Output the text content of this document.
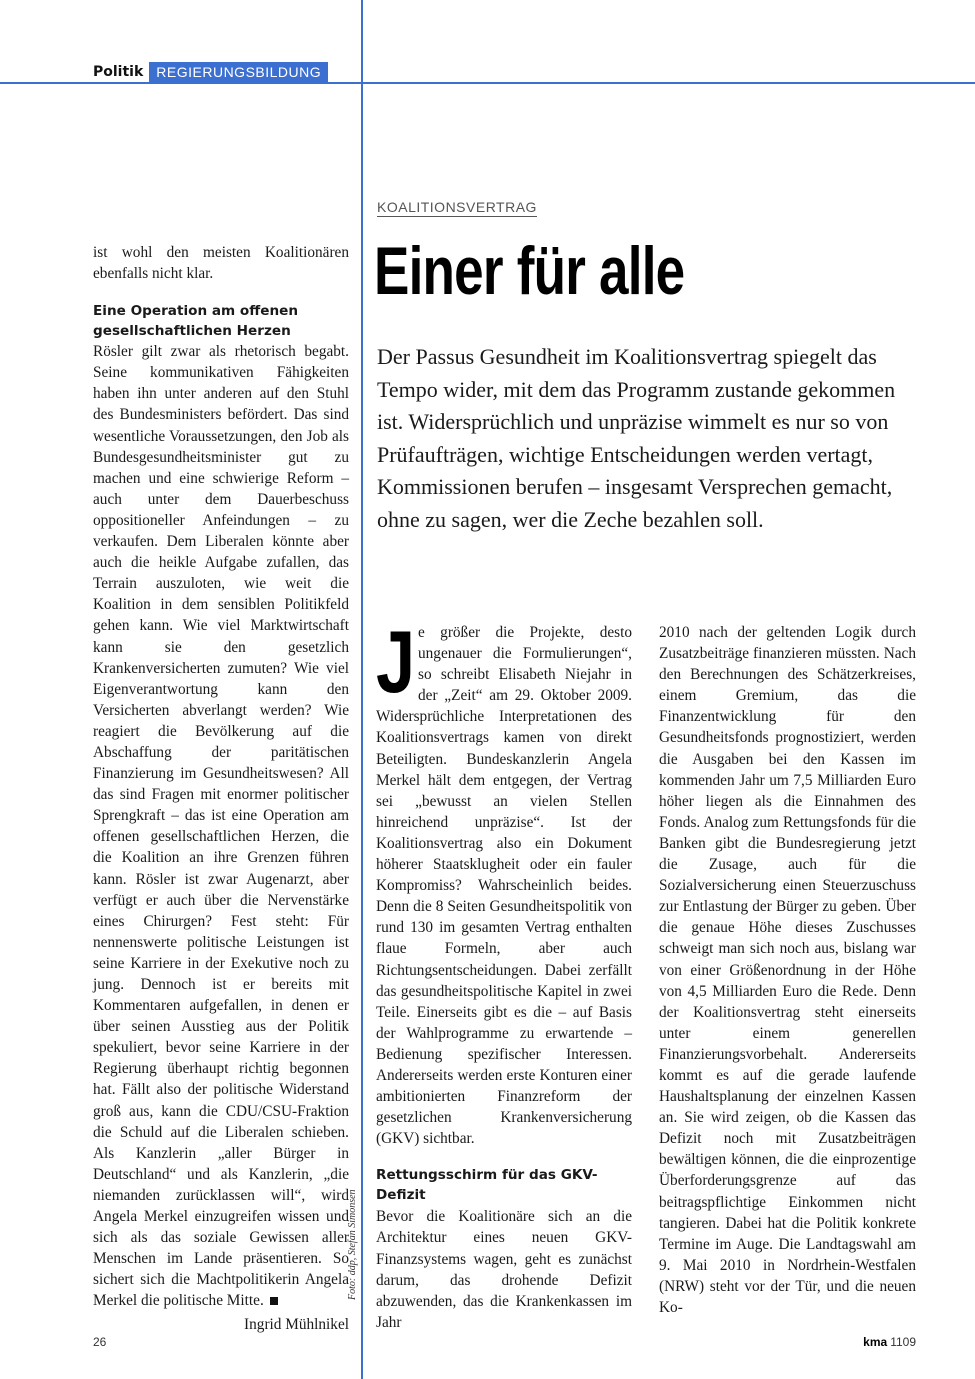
Politik REGIERUNGSBILDUNG
KOALITIONSVERTRAG
Einer für alle

Der Passus Gesundheit im Koalitionsvertrag spiegelt das Tempo wider, mit dem das Programm zustande gekommen ist. Widersprüchlich und unpräzise wimmelt es nur so von Prüfaufträgen, wichtige Entscheidungen werden vertagt, Kommissionen berufen – insgesamt Versprechen gemacht, ohne zu sagen, wer die Zeche bezahlen soll.

ist wohl den meisten Koalitionären ebenfalls nicht klar.

Eine Operation am offenen gesellschaftlichen Herzen

Rösler gilt zwar als rhetorisch begabt. Seine kommunikativen Fähigkeiten haben ihn unter anderen auf den Stuhl des Bundesministers befördert. Das sind wesentliche Voraussetzungen, den Job als Bundesgesundheitsminister gut zu machen und eine schwierige Reform – auch unter dem Dauerbeschuss oppositioneller Anfeindungen – zu verkaufen. Dem Liberalen könnte aber auch die heikle Aufgabe zufallen, das Terrain auszuloten, wie weit die Koalition in dem sensiblen Politikfeld gehen kann. Wie viel Marktwirtschaft kann sie den gesetzlich Krankenversicherten zumuten? Wie viel Eigenverantwortung kann den Versicherten abverlangt werden? Wie reagiert die Bevölkerung auf die Abschaffung der paritätischen Finanzierung im Gesundheitswesen? All das sind Fragen mit enormer politischer Sprengkraft – das ist eine Operation am offenen gesellschaftlichen Herzen, die die Koalition an ihre Grenzen führen kann. Rösler ist zwar Augenarzt, aber verfügt er auch über die Nervenstärke eines Chirurgen? Fest steht: Für nennenswerte politische Leistungen ist seine Karriere in der Exekutive noch zu jung. Dennoch ist er bereits mit Kommentaren aufgefallen, in denen er über seinen Ausstieg aus der Politik spekuliert, bevor seine Karriere in der Regierung überhaupt richtig begonnen hat. Fällt also der politische Widerstand groß aus, kann die CDU/CSU-Fraktion die Schuld auf die Liberalen schieben. Als Kanzlerin „aller Bürger in Deutschland“ und als Kanzlerin, „die niemanden zurücklassen will“, wird Angela Merkel einzugreifen wissen und sich als das soziale Gewissen aller Menschen im Lande präsentieren. So sichert sich die Machtpolitikerin Angela Merkel die politische Mitte.

Ingrid Mühlnikel

Foto: ddp, Stefan Simonsen

Je größer die Projekte, desto ungenauer die Formulierungen“, so schreibt Elisabeth Niejahr in der „Zeit“ am 29. Oktober 2009. Widersprüchliche Interpretationen des Koalitionsvertrags kamen von direkt Beteiligten. Bundeskanzlerin Angela Merkel hält dem entgegen, der Vertrag sei „bewusst an vielen Stellen hinreichend unpräzise“. Ist der Koalitionsvertrag also ein Dokument höherer Staatsklugheit oder ein fauler Kompromiss? Wahrscheinlich beides. Denn die 8 Seiten Gesundheitspolitik von rund 130 im gesamten Vertrag enthalten flaue Formeln, aber auch Richtungsentscheidungen. Dabei zerfällt das gesundheitspolitische Kapitel in zwei Teile. Einerseits gibt es die – auf Basis der Wahlprogramme zu erwartende – Bedienung spezifischer Interessen. Andererseits werden erste Konturen einer ambitionierten Finanzreform der gesetzlichen Krankenversicherung (GKV) sichtbar.

Rettungsschirm für das GKV-Defizit

Bevor die Koalitionäre sich an die Architektur eines neuen GKV-Finanzsystems wagen, geht es zunächst darum, das drohende Defizit abzuwenden, das die Krankenkassen im Jahr

2010 nach der geltenden Logik durch Zusatzbeiträge finanzieren müssten. Nach den Berechnungen des Schätzerkreises, einem Gremium, das die Finanzentwicklung für den Gesundheitsfonds prognostiziert, werden die Ausgaben bei den Kassen im kommenden Jahr um 7,5 Milliarden Euro höher liegen als die Einnahmen des Fonds. Analog zum Rettungsfonds für die Banken gibt die Bundesregierung jetzt die Zusage, auch für die Sozialversicherung einen Steuerzuschuss zur Entlastung der Bürger zu geben. Über die genaue Höhe dieses Zuschusses schweigt man sich noch aus, bislang war von einer Größenordnung in der Höhe von 4,5 Milliarden Euro die Rede. Denn der Koalitionsvertrag steht einerseits unter einem generellen Finanzierungsvorbehalt. Andererseits kommt es auf die gerade laufende Haushaltsplanung der einzelnen Kassen an. Sie wird zeigen, ob die Kassen das Defizit noch mit Zusatzbeiträgen bewältigen können, die die einprozentige Überforderungsgrenze auf das beitragspflichtige Einkommen nicht tangieren. Dabei hat die Politik konkrete Termine im Auge. Die Landtagswahl am 9. Mai 2010 in Nordrhein-Westfalen (NRW) steht vor der Tür, und die neuen Ko-

26	kma 1109
